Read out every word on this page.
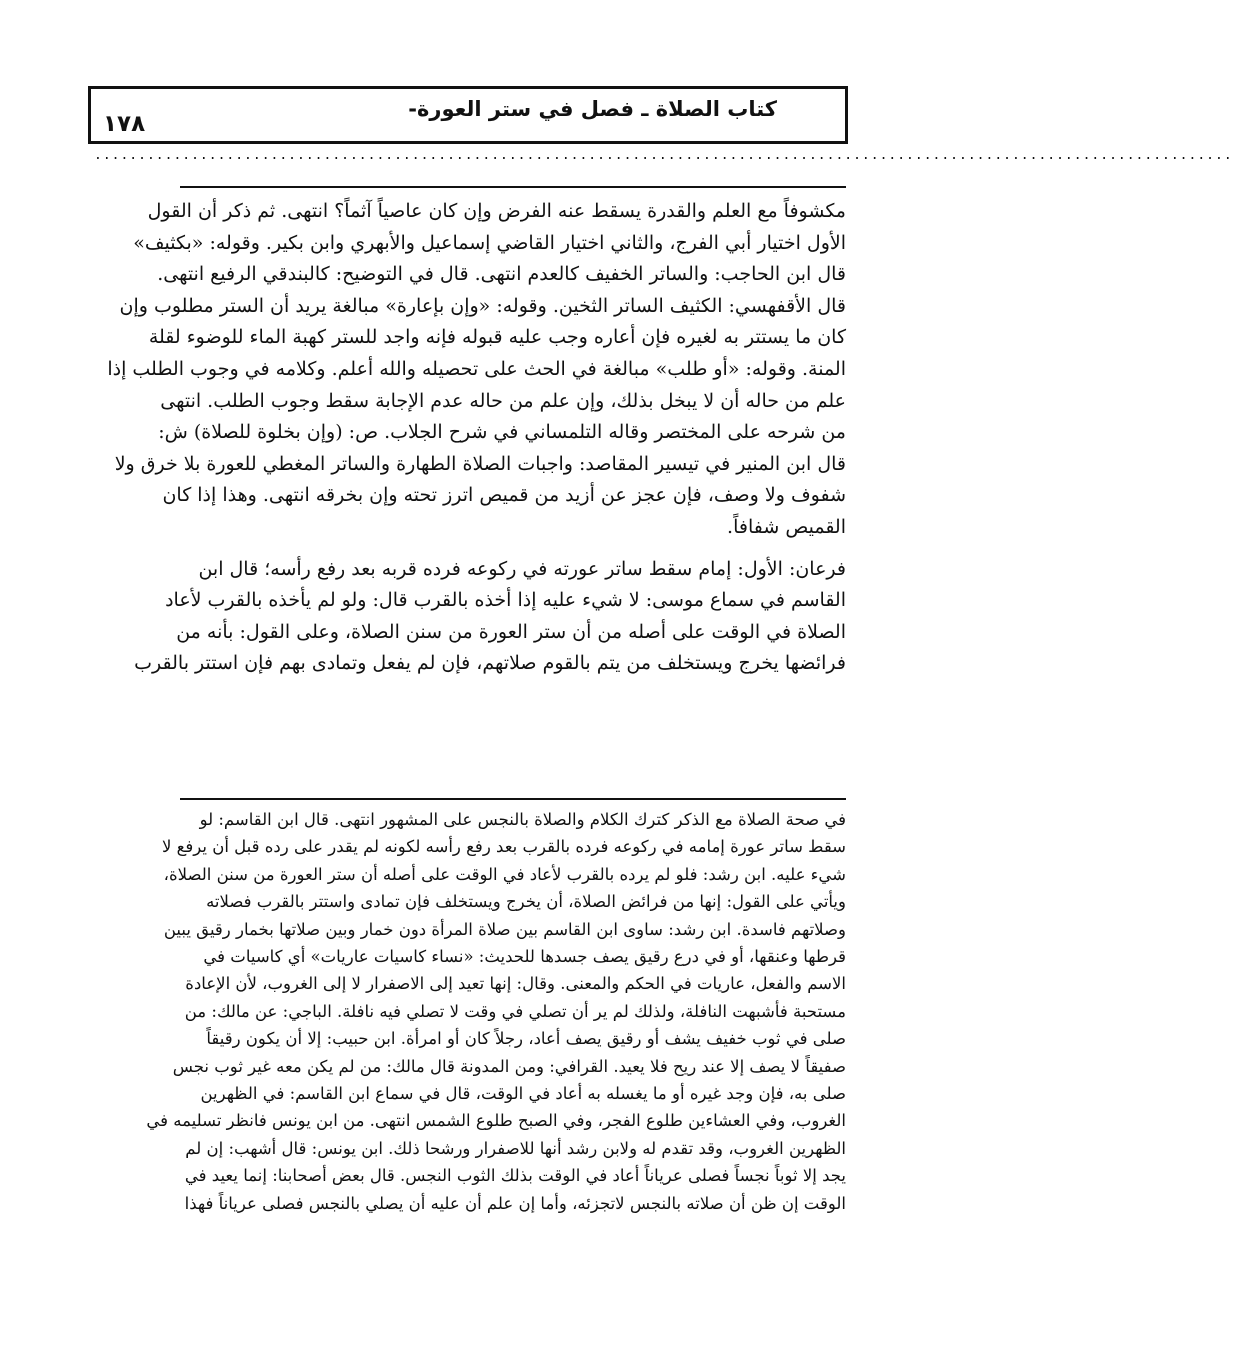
كتاب الصلاة ـ فصل في ستر العورة-
١٧٨
.................................................................................................................................

مكشوفاً مع العلم والقدرة يسقط عنه الفرض وإن كان عاصياً آثماً؟ انتهى. ثم ذكر أن القول
الأول اختيار أبي الفرج، والثاني اختيار القاضي إسماعيل والأبهري وابن بكير. وقوله: «بكثيف»
قال ابن الحاجب: والساتر الخفيف كالعدم انتهى. قال في التوضيح: كالبندقي الرفيع انتهى.
قال الأقفهسي: الكثيف الساتر الثخين. وقوله: «وإن بإعارة» مبالغة يريد أن الستر مطلوب وإن
كان ما يستتر به لغيره فإن أعاره وجب عليه قبوله فإنه واجد للستر كهبة الماء للوضوء لقلة
المنة. وقوله: «أو طلب» مبالغة في الحث على تحصيله والله أعلم. وكلامه في وجوب الطلب إذا
علم من حاله أن لا يبخل بذلك، وإن علم من حاله عدم الإجابة سقط وجوب الطلب. انتهى
من شرحه على المختصر وقاله التلمساني في شرح الجلاب. ص: (وإن بخلوة للصلاة) ش:
قال ابن المنير في تيسير المقاصد: واجبات الصلاة الطهارة والساتر المغطي للعورة بلا خرق ولا
شفوف ولا وصف، فإن عجز عن أزيد من قميص اترز تحته وإن بخرقه انتهى. وهذا إذا كان
القميص شفافاً.

فرعان: الأول: إمام سقط ساتر عورته في ركوعه فرده قربه بعد رفع رأسه؛ قال ابن
القاسم في سماع موسى: لا شيء عليه إذا أخذه بالقرب قال: ولو لم يأخذه بالقرب لأعاد
الصلاة في الوقت على أصله من أن ستر العورة من سنن الصلاة، وعلى القول: بأنه من
فرائضها يخرج ويستخلف من يتم بالقوم صلاتهم، فإن لم يفعل وتمادى بهم فإن استتر بالقرب

في صحة الصلاة مع الذكر كترك الكلام والصلاة بالنجس على المشهور انتهى. قال ابن القاسم: لو
سقط ساتر عورة إمامه في ركوعه فرده بالقرب بعد رفع رأسه لكونه لم يقدر على رده قبل أن يرفع لا
شيء عليه. ابن رشد: فلو لم يرده بالقرب لأعاد في الوقت على أصله أن ستر العورة من سنن الصلاة،
ويأتي على القول: إنها من فرائض الصلاة، أن يخرج ويستخلف فإن تمادى واستتر بالقرب فصلاته
وصلاتهم فاسدة. ابن رشد: ساوى ابن القاسم بين صلاة المرأة دون خمار وبين صلاتها بخمار رقيق يبين
قرطها وعنقها، أو في درع رقيق يصف جسدها للحديث: «نساء كاسيات عاريات» أي كاسيات في
الاسم والفعل، عاريات في الحكم والمعنى. وقال: إنها تعيد إلى الاصفرار لا إلى الغروب، لأن الإعادة
مستحبة فأشبهت النافلة، ولذلك لم ير أن تصلي في وقت لا تصلي فيه نافلة. الباجي: عن مالك: من
صلى في ثوب خفيف يشف أو رقيق يصف أعاد، رجلاً كان أو امرأة. ابن حبيب: إلا أن يكون رقيقاً
صفيقاً لا يصف إلا عند ريح فلا يعيد. القرافي: ومن المدونة قال مالك: من لم يكن معه غير ثوب نجس
صلى به، فإن وجد غيره أو ما يغسله به أعاد في الوقت، قال في سماع ابن القاسم: في الظهرين
الغروب، وفي العشاءين طلوع الفجر، وفي الصبح طلوع الشمس انتهى. من ابن يونس فانظر تسليمه في
الظهرين الغروب، وقد تقدم له ولابن رشد أنها للاصفرار ورشحا ذلك. ابن يونس: قال أشهب: إن لم
يجد إلا ثوباً نجساً فصلى عرياناً أعاد في الوقت بذلك الثوب النجس. قال بعض أصحابنا: إنما يعيد في
الوقت إن ظن أن صلاته بالنجس لاتجزئه، وأما إن علم أن عليه أن يصلي بالنجس فصلى عرياناً فهذا
